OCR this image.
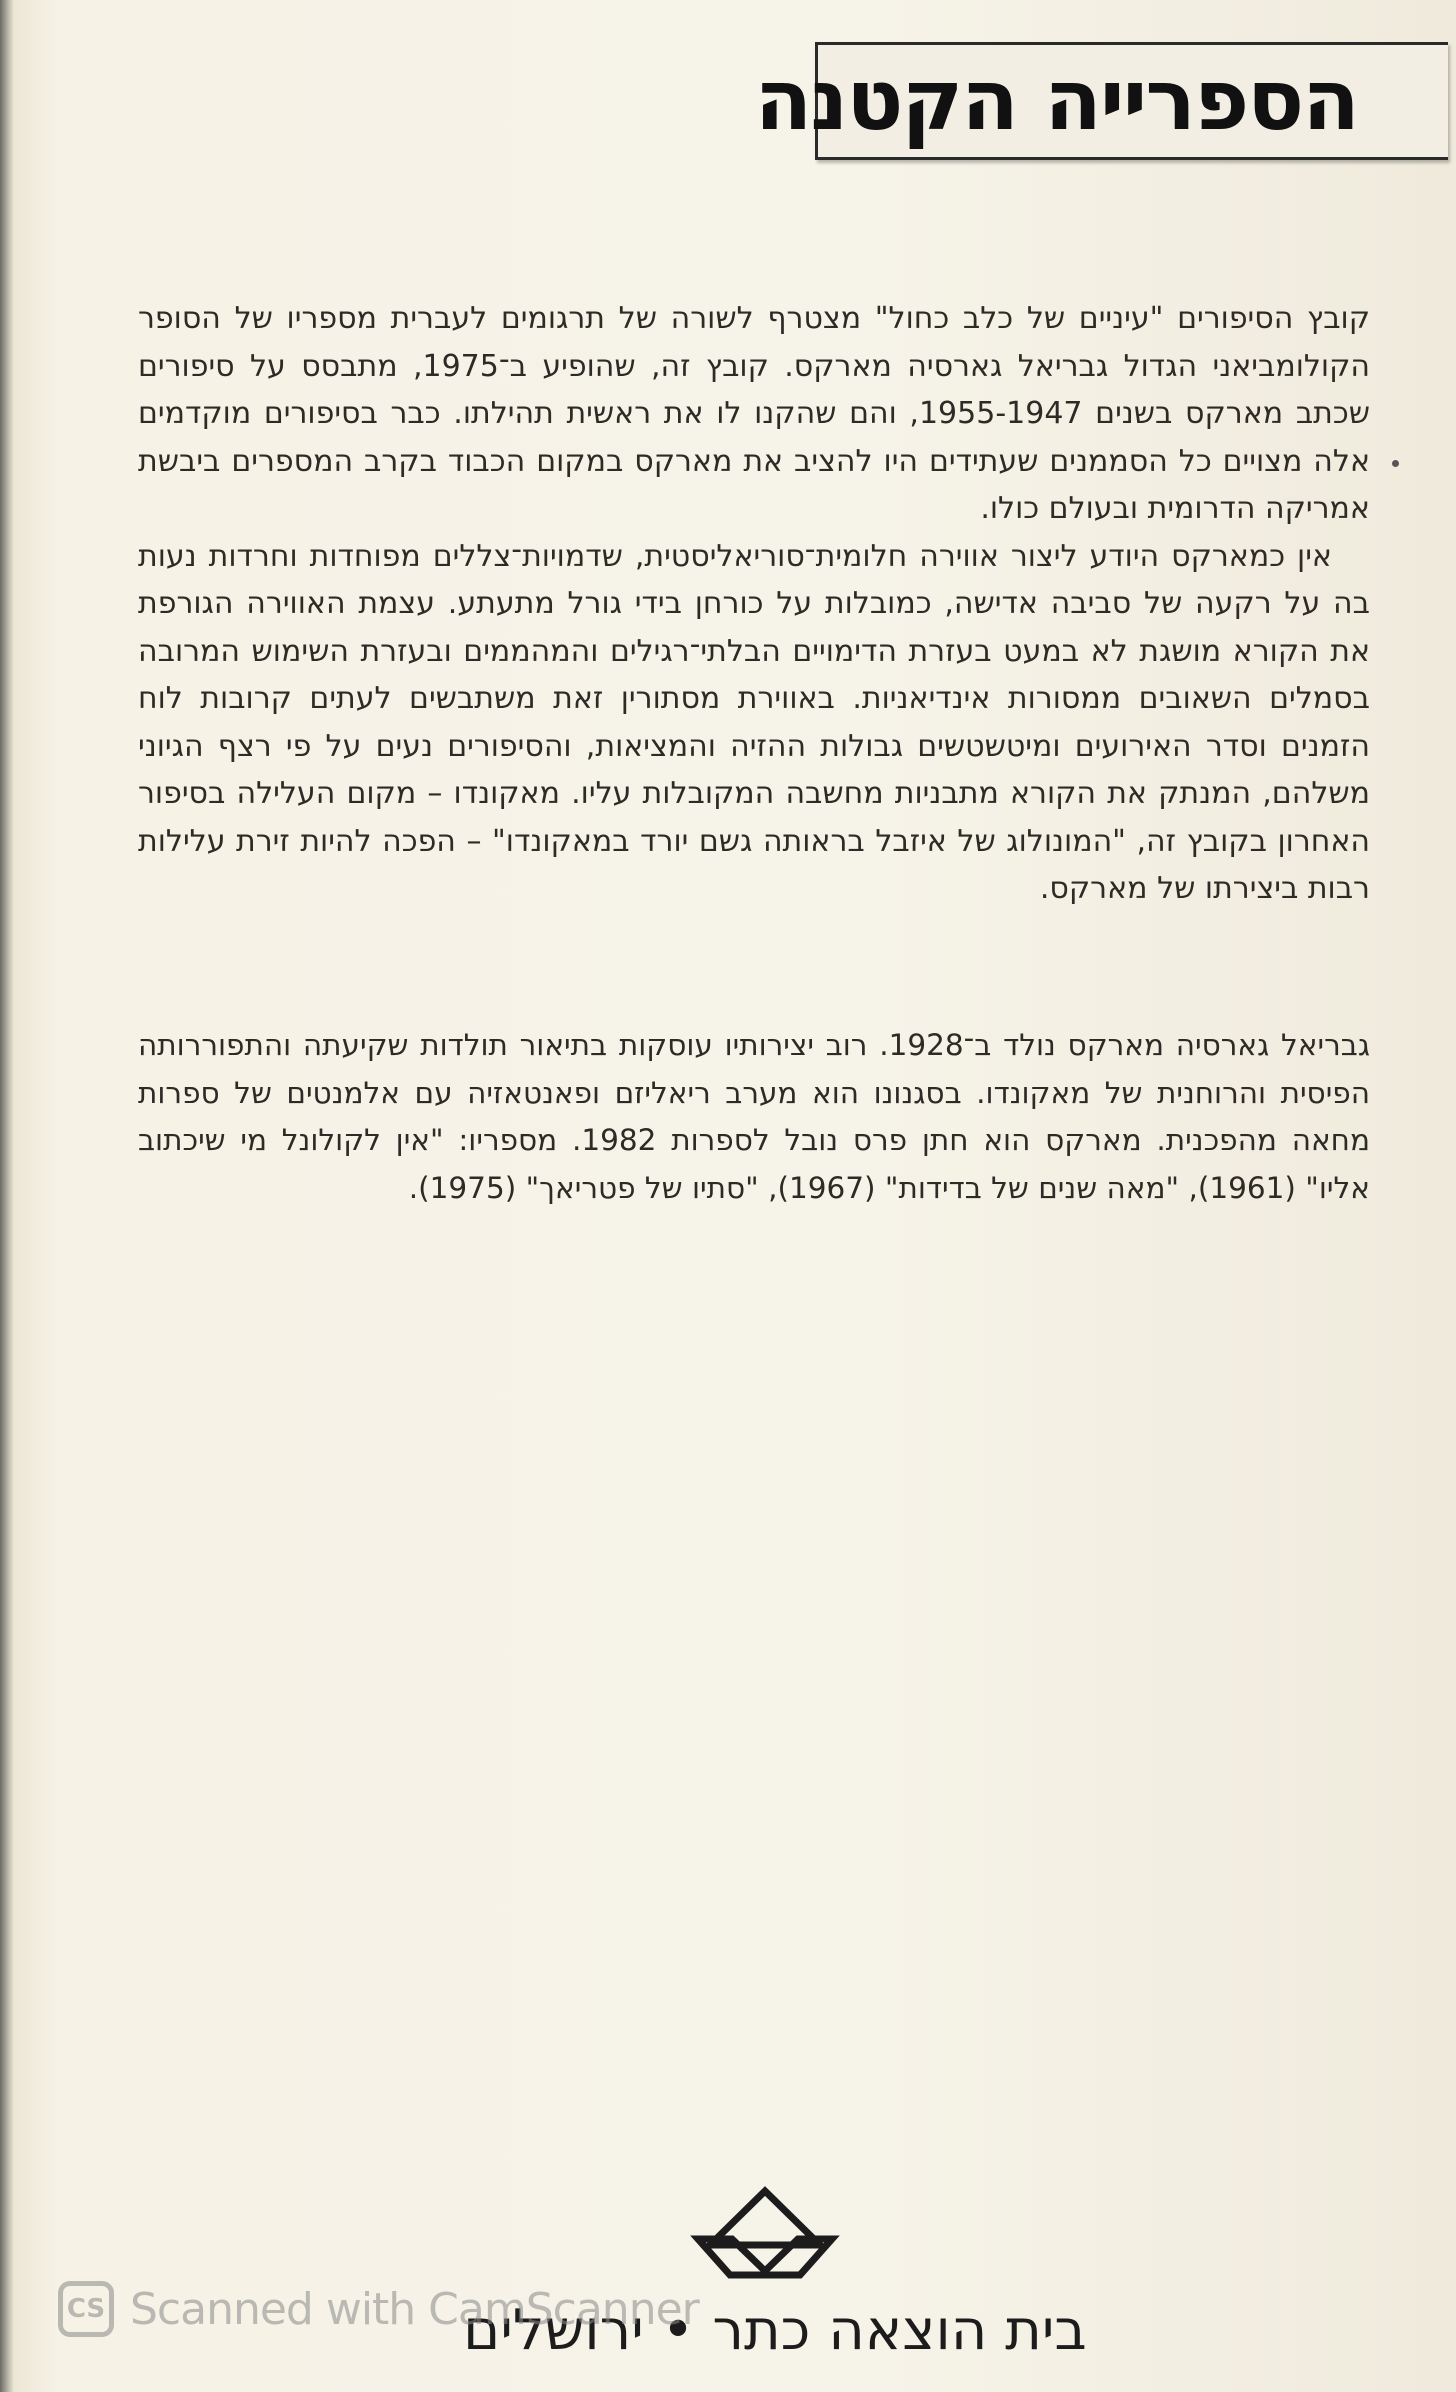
הספרייה הקטנה

קובץ הסיפורים "עיניים של כלב כחול" מצטרף לשורה של תרגומים לעברית מספריו של הסופר הקולומביאני הגדול גבריאל גארסיה מארקס. קובץ זה, שהופיע ב־1975, מתבסס על סיפורים שכתב מארקס בשנים 1955-1947, והם שהקנו לו את ראשית תהילתו. כבר בסיפורים מוקדמים אלה מצויים כל הסממנים שעתידים היו להציב את מארקס במקום הכבוד בקרב המספרים ביבשת אמריקה הדרומית ובעולם כולו.

אין כמארקס היודע ליצור אווירה חלומית־סוריאליסטית, שדמויות־צללים מפוחדות וחרדות נעות בה על רקעה של סביבה אדישה, כמובלות על כורחן בידי גורל מתעתע. עצמת האווירה הגורפת את הקורא מושגת לא במעט בעזרת הדימויים הבלתי־רגילים והמהממים ובעזרת השימוש המרובה בסמלים השאובים ממסורות אינדיאניות. באווירת מסתורין זאת משתבשים לעתים קרובות לוח הזמנים וסדר האירועים ומיטשטשים גבולות ההזיה והמציאות, והסיפורים נעים על פי רצף הגיוני משלהם, המנתק את הקורא מתבניות מחשבה המקובלות עליו. מאקונדו – מקום העלילה בסיפור האחרון בקובץ זה, "המונולוג של איזבל בראותה גשם יורד במאקונדו" – הפכה להיות זירת עלילות רבות ביצירתו של מארקס.

גבריאל גארסיה מארקס נולד ב־1928. רוב יצירותיו עוסקות בתיאור תולדות שקיעתה והתפוררותה הפיסית והרוחנית של מאקונדו. בסגנונו הוא מערב ריאליזם ופאנטאזיה עם אלמנטים של ספרות מחאה מהפכנית. מארקס הוא חתן פרס נובל לספרות 1982. מספריו: "אין לקולונל מי שיכתוב אליו" (1961), "מאה שנים של בדידות" (1967), "סתיו של פטריאך" (1975).

בית הוצאה כתר • ירושלים
CS Scanned with CamScanner
